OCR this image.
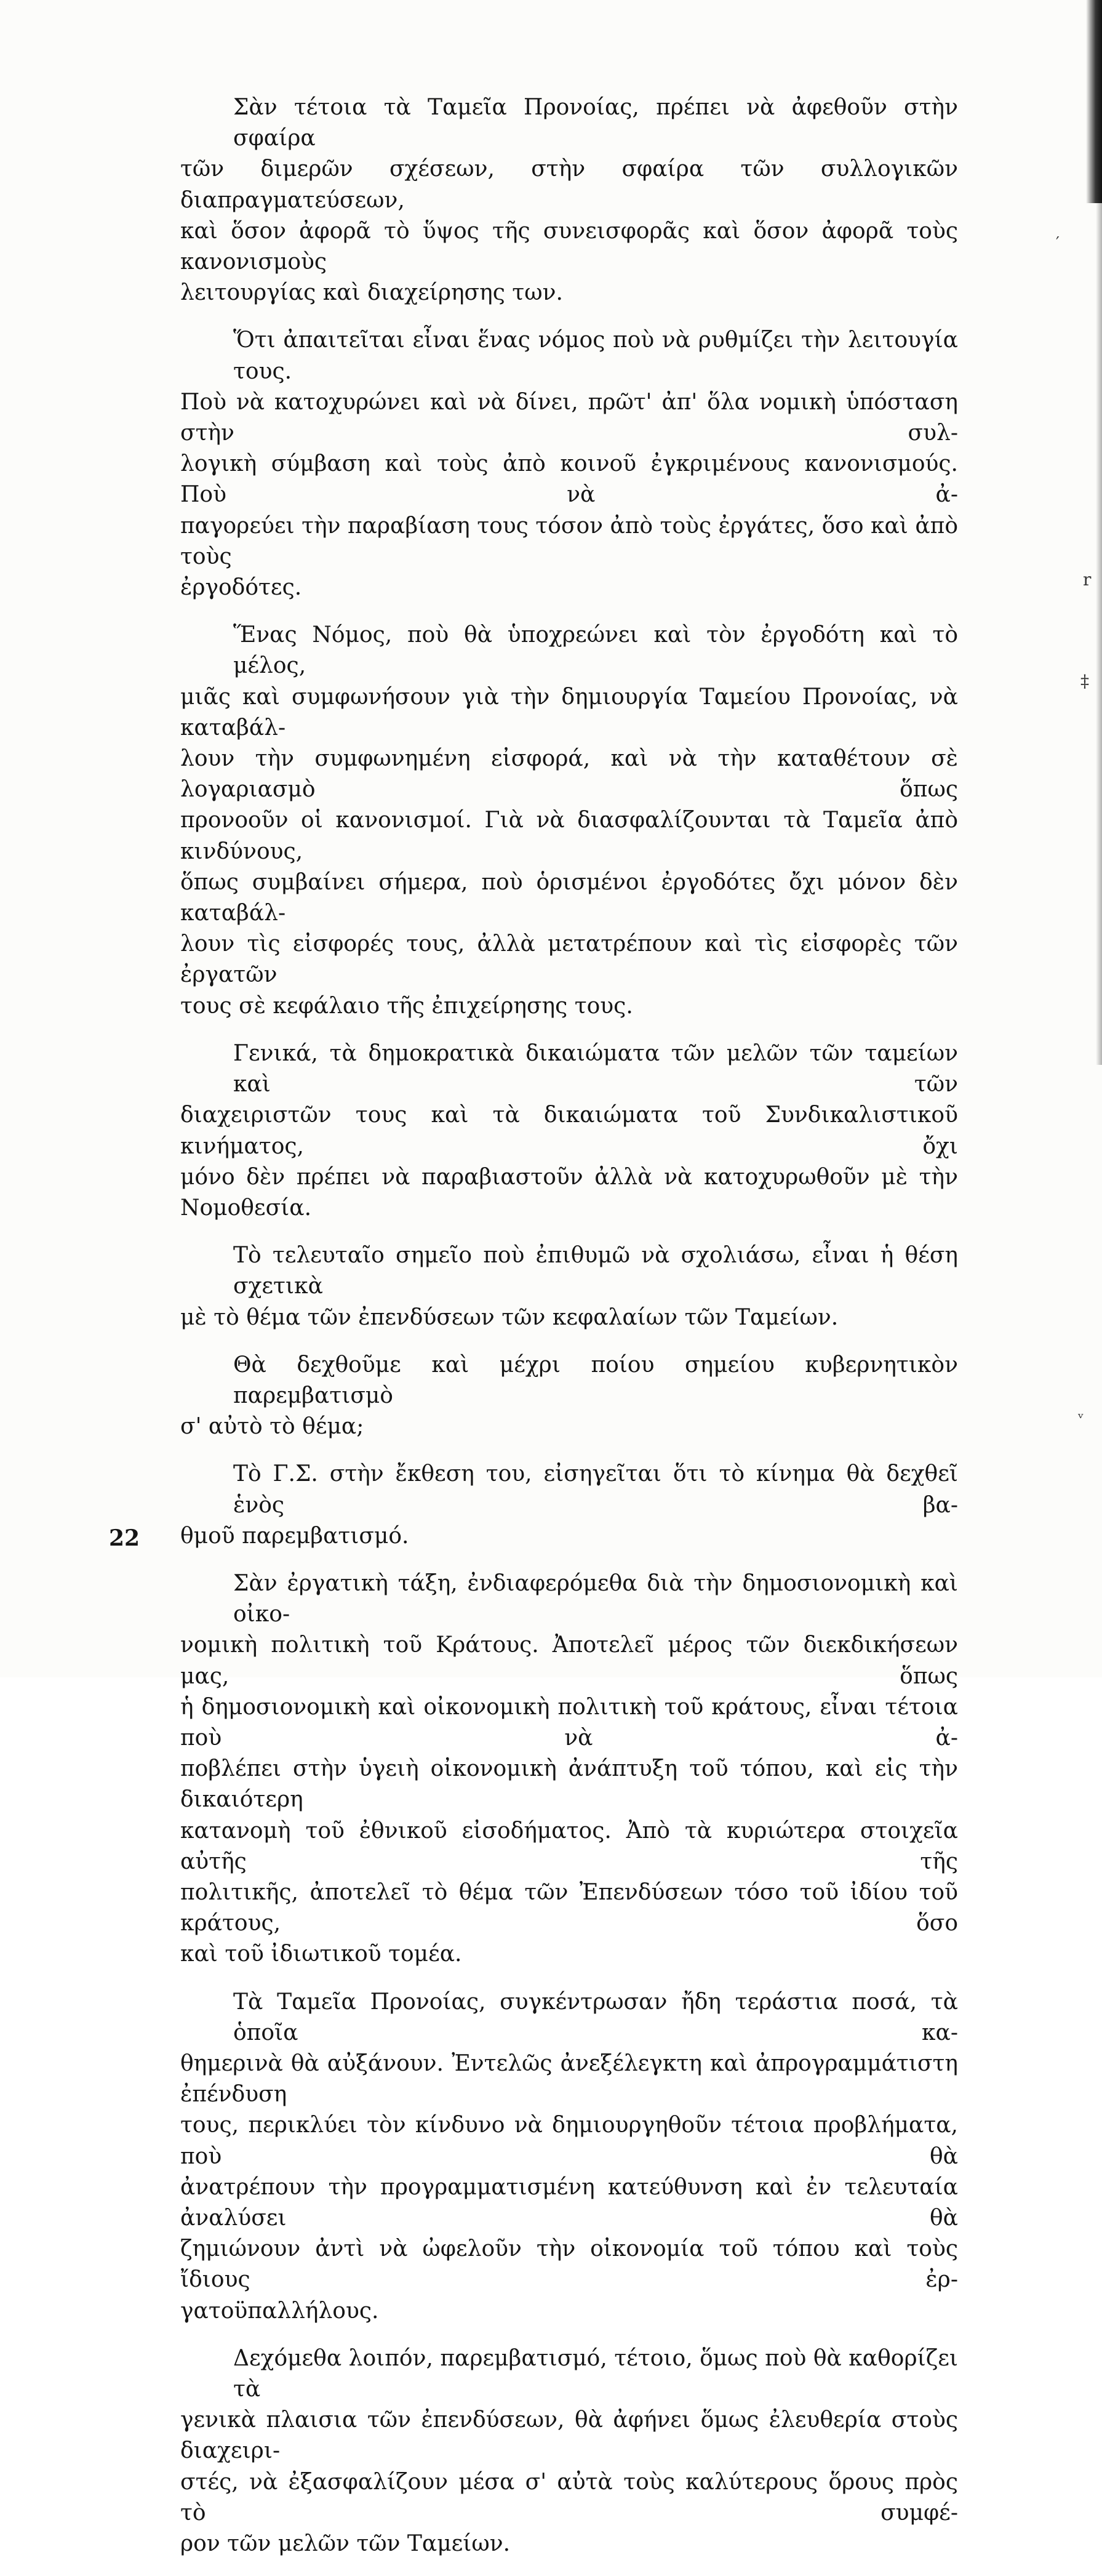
Σὰν τέτοια τὰ Ταμεῖα Προνοίας, πρέπει νὰ ἀφεθοῦν στὴν σφαίρα
τῶν διμερῶν σχέσεων, στὴν σφαίρα τῶν συλλογικῶν διαπραγματεύσεων,
καὶ ὅσον ἀφορᾶ τὸ ὕψος τῆς συνεισφορᾶς καὶ ὅσον ἀφορᾶ τοὺς κανονισμοὺς
λειτουργίας καὶ διαχείρησης των.
Ὅτι ἀπαιτεῖται εἶναι ἕνας νόμος ποὺ νὰ ρυθμίζει τὴν λειτουγία τους.
Ποὺ νὰ κατοχυρώνει καὶ νὰ δίνει, πρῶτ' ἀπ' ὅλα νομικὴ ὑπόσταση στὴν συλ-
λογικὴ σύμβαση καὶ τοὺς ἀπὸ κοινοῦ ἐγκριμένους κανονισμούς. Ποὺ νὰ ἀ-
παγορεύει τὴν παραβίαση τους τόσον ἀπὸ τοὺς ἐργάτες, ὅσο καὶ ἀπὸ τοὺς
ἐργοδότες.
Ἕνας Νόμος, ποὺ θὰ ὑποχρεώνει καὶ τὸν ἐργοδότη καὶ τὸ μέλος,
μιᾶς καὶ συμφωνήσουν γιὰ τὴν δημιουργία Ταμείου Προνοίας, νὰ καταβάλ-
λουν τὴν συμφωνημένη εἰσφορά, καὶ νὰ τὴν καταθέτουν σὲ λογαριασμὸ ὅπως
προνοοῦν οἱ κανονισμοί. Γιὰ νὰ διασφαλίζουνται τὰ Ταμεῖα ἀπὸ κινδύνους,
ὅπως συμβαίνει σήμερα, ποὺ ὁρισμένοι ἐργοδότες ὄχι μόνον δὲν καταβάλ-
λουν τὶς εἰσφορές τους, ἀλλὰ μετατρέπουν καὶ τὶς εἰσφορὲς τῶν ἐργατῶν
τους σὲ κεφάλαιο τῆς ἐπιχείρησης τους.
Γενικά, τὰ δημοκρατικὰ δικαιώματα τῶν μελῶν τῶν ταμείων καὶ τῶν
διαχειριστῶν τους καὶ τὰ δικαιώματα τοῦ Συνδικαλιστικοῦ κινήματος, ὄχι
μόνο δὲν πρέπει νὰ παραβιαστοῦν ἀλλὰ νὰ κατοχυρωθοῦν μὲ τὴν Νομοθεσία.
Τὸ τελευταῖο σημεῖο ποὺ ἐπιθυμῶ νὰ σχολιάσω, εἶναι ἡ θέση σχετικὰ
μὲ τὸ θέμα τῶν ἐπενδύσεων τῶν κεφαλαίων τῶν Ταμείων.
Θὰ δεχθοῦμε καὶ μέχρι ποίου σημείου κυβερνητικὸν παρεμβατισμὸ
σ' αὐτὸ τὸ θέμα;
Τὸ Γ.Σ. στὴν ἔκθεση του, εἰσηγεῖται ὅτι τὸ κίνημα θὰ δεχθεῖ ἑνὸς βα-
θμοῦ παρεμβατισμό.
Σὰν ἐργατικὴ τάξη, ἐνδιαφερόμεθα διὰ τὴν δημοσιονομικὴ καὶ οἰκο-
νομικὴ πολιτικὴ τοῦ Κράτους. Ἀποτελεῖ μέρος τῶν διεκδικήσεων μας, ὅπως
ἡ δημοσιονομικὴ καὶ οἰκονομικὴ πολιτικὴ τοῦ κράτους, εἶναι τέτοια ποὺ νὰ ἀ-
ποβλέπει στὴν ὑγειὴ οἰκονομικὴ ἀνάπτυξη τοῦ τόπου, καὶ εἰς τὴν δικαιότερη
κατανομὴ τοῦ ἐθνικοῦ εἰσοδήματος. Ἀπὸ τὰ κυριώτερα στοιχεῖα αὐτῆς τῆς
πολιτικῆς, ἀποτελεῖ τὸ θέμα τῶν Ἐπενδύσεων τόσο τοῦ ἰδίου τοῦ κράτους, ὅσο
καὶ τοῦ ἰδιωτικοῦ τομέα.
Τὰ Ταμεῖα Προνοίας, συγκέντρωσαν ἤδη τεράστια ποσά, τὰ ὁποῖα κα-
θημερινὰ θὰ αὐξάνουν. Ἐντελῶς ἀνεξέλεγκτη καὶ ἀπρογραμμάτιστη ἐπένδυση
τους, περικλύει τὸν κίνδυνο νὰ δημιουργηθοῦν τέτοια προβλήματα, ποὺ θὰ
ἀνατρέπουν τὴν προγραμματισμένη κατεύθυνση καὶ ἐν τελευταία ἀναλύσει θὰ
ζημιώνουν ἀντὶ νὰ ὠφελοῦν τὴν οἰκονομία τοῦ τόπου καὶ τοὺς ἴδιους ἐρ-
γατοϋπαλλήλους.
Δεχόμεθα λοιπόν, παρεμβατισμό, τέτοιο, ὅμως ποὺ θὰ καθορίζει τὰ
γενικὰ πλαισια τῶν ἐπενδύσεων, θὰ ἀφήνει ὅμως ἐλευθερία στοὺς διαχειρι-
στές, νὰ ἐξασφαλίζουν μέσα σ' αὐτὰ τοὺς καλύτερους ὅρους πρὸς τὸ συμφέ-
ρον τῶν μελῶν τῶν Ταμείων.
22
′
r
‡
ᵥ
